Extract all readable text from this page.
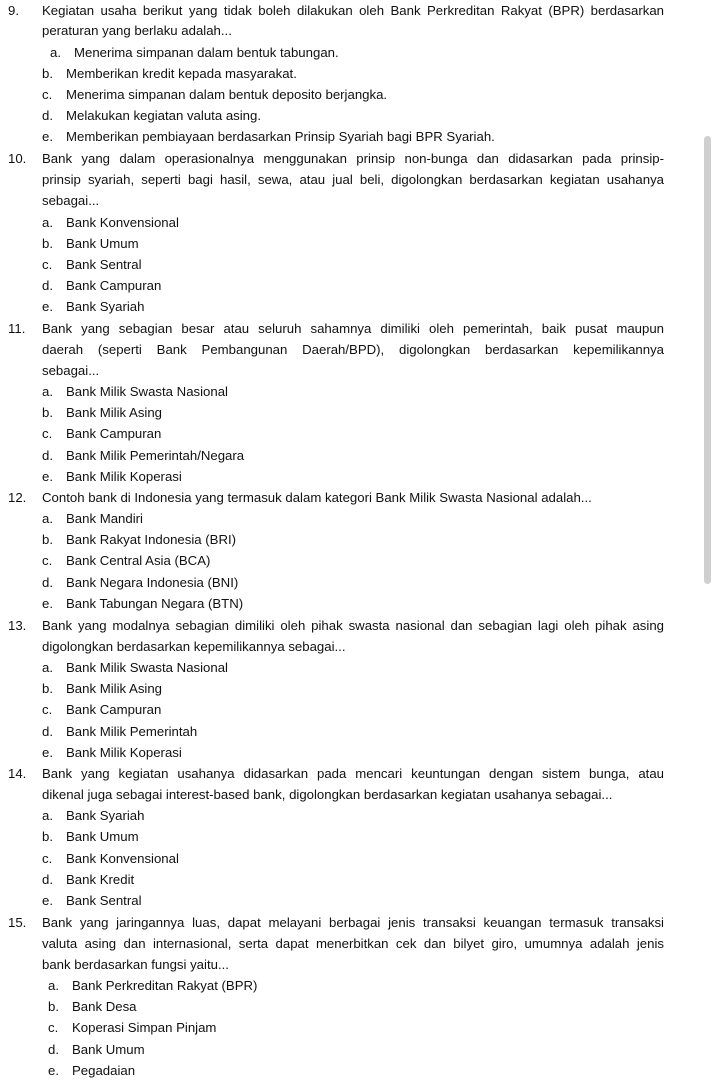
9.	Kegiatan usaha berikut yang tidak boleh dilakukan oleh Bank Perkreditan Rakyat (BPR) berdasarkan
peraturan yang berlaku adalah...
a. Menerima simpanan dalam bentuk tabungan.
b. Memberikan kredit kepada masyarakat.
c. Menerima simpanan dalam bentuk deposito berjangka.
d. Melakukan kegiatan valuta asing.
e. Memberikan pembiayaan berdasarkan Prinsip Syariah bagi BPR Syariah.
10.	Bank yang dalam operasionalnya menggunakan prinsip non-bunga dan didasarkan pada prinsip-
prinsip syariah, seperti bagi hasil, sewa, atau jual beli, digolongkan berdasarkan kegiatan usahanya
sebagai...
a. Bank Konvensional
b. Bank Umum
c. Bank Sentral
d. Bank Campuran
e. Bank Syariah
11.	Bank yang sebagian besar atau seluruh sahamnya dimiliki oleh pemerintah, baik pusat maupun
daerah (seperti Bank Pembangunan Daerah/BPD), digolongkan berdasarkan kepemilikannya
sebagai...
a. Bank Milik Swasta Nasional
b. Bank Milik Asing
c. Bank Campuran
d. Bank Milik Pemerintah/Negara
e. Bank Milik Koperasi
12.	Contoh bank di Indonesia yang termasuk dalam kategori Bank Milik Swasta Nasional adalah...
a. Bank Mandiri
b. Bank Rakyat Indonesia (BRI)
c. Bank Central Asia (BCA)
d. Bank Negara Indonesia (BNI)
e. Bank Tabungan Negara (BTN)
13.	Bank yang modalnya sebagian dimiliki oleh pihak swasta nasional dan sebagian lagi oleh pihak asing
digolongkan berdasarkan kepemilikannya sebagai...
a. Bank Milik Swasta Nasional
b. Bank Milik Asing
c. Bank Campuran
d. Bank Milik Pemerintah
e. Bank Milik Koperasi
14.	Bank yang kegiatan usahanya didasarkan pada mencari keuntungan dengan sistem bunga, atau
dikenal juga sebagai interest-based bank, digolongkan berdasarkan kegiatan usahanya sebagai...
a. Bank Syariah
b. Bank Umum
c. Bank Konvensional
d. Bank Kredit
e. Bank Sentral
15.	Bank yang jaringannya luas, dapat melayani berbagai jenis transaksi keuangan termasuk transaksi
valuta asing dan internasional, serta dapat menerbitkan cek dan bilyet giro, umumnya adalah jenis
bank berdasarkan fungsi yaitu...
a. Bank Perkreditan Rakyat (BPR)
b. Bank Desa
c. Koperasi Simpan Pinjam
d. Bank Umum
e. Pegadaian
